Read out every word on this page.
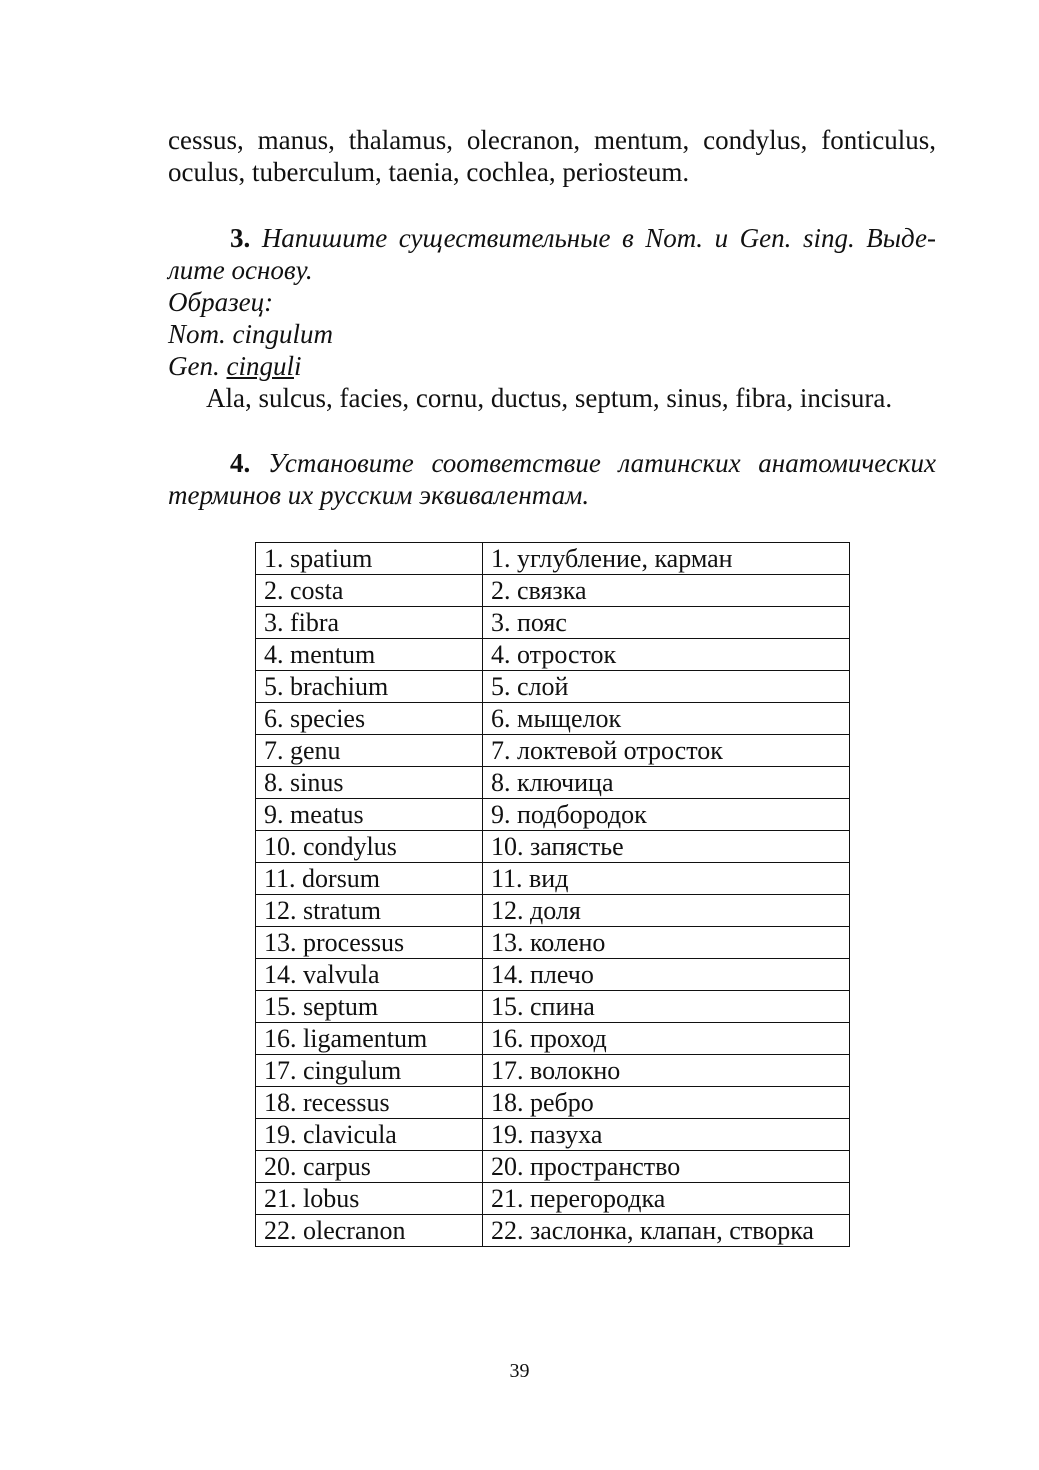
cessus, manus, thalamus, olecranon, mentum, condylus, fonticulus,
oculus, tuberculum, taenia, cochlea, periosteum.
3. Напишите существительные в Nom. и Gen. sing. Выде-
лите основу.
Образец:
Nom. cingulum
Gen. cinguli
Ala, sulcus, facies, cornu, ductus, septum, sinus, fibra, incisura.
4. Установите соответствие латинских анатомических
терминов их русским эквивалентам.
1. spatium	1. углубление, карман
2. costa	2. связка
3. fibra	3. пояс
4. mentum	4. отросток
5. brachium	5. слой
6. species	6. мыщелок
7. genu	7. локтевой отросток
8. sinus	8. ключица
9. meatus	9. подбородок
10. condylus	10. запястье
11. dorsum	11. вид
12. stratum	12. доля
13. processus	13. колено
14. valvula	14. плечо
15. septum	15. спина
16. ligamentum	16. проход
17. cingulum	17. волокно
18. recessus	18. ребро
19. clavicula	19. пазуха
20. carpus	20. пространство
21. lobus	21. перегородка
22. olecranon	22. заслонка, клапан, створка
39
